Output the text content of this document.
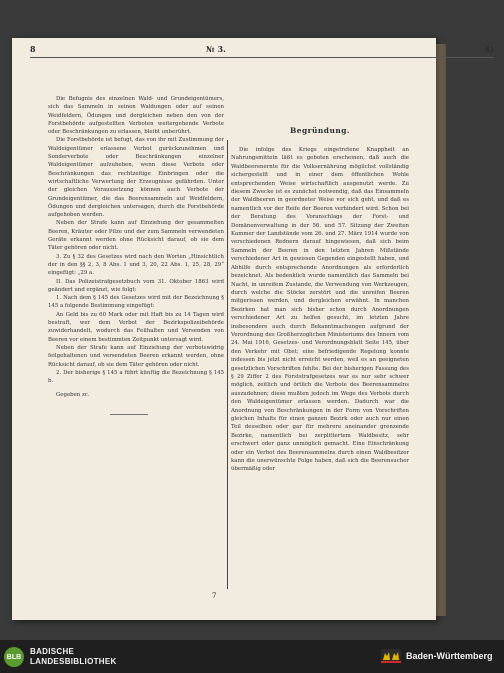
8	№ 3.	4)

Die Befugnis des einzelnen Wald- und Grundeigentümers, sich das Sammeln in seinen Waldungen oder auf seinen Weidfeldern, Ödungen und dergleichen neben den von der Forstbehörde aufgestellten Verboten weitergehende Verbote oder Beschränkungen zu erlassen, bleibt unberührt.

Die Forstbehörde ist befugt, das von ihr mit Zustimmung der Waldeigentümer erlassene Verbot gurückzunehmen und Sonderverbote oder Beschränkungen einzelner Waldeigentümer aufzuheben, wenn diese Verbote oder Beschränkungen das rechtzeitige Einbringen oder die wirtschaftliche Verwertung der Erzeugnisse gefährden. Unter der gleichen Voraussetzung können auch Verbote der Grundeigentümer, die das Beerensammeln auf Weidfeldern, Ödungen und dergleichen untersagen, durch die Forstbehörde aufgehoben werden.

Neben der Strafe kann auf Einziehung der gesammelten Beeren, Kräuter oder Pilze und der zum Sammeln verwendeten Geräte erkannt werden ohne Rücksicht darauf, ob sie dem Täter gehören oder nicht.

3. Zu § 32 des Gesetzes wird nach den Worten „Hinsichtlich der in den §§ 2, 3, 8 Abs. 1 und 3, 20, 22 Abs. 1, 25, 28, 29“ eingefügt: „29 a.

II. Das Polizeistrafgesetzbuch vom 31. Oktober 1863 wird geändert und ergänzt, wie folgt:

1. Nach dem § 145 des Gesetzes wird mit der Bezeichnung § 145 a folgende Bestimmung eingefügt:

An Geld bis zu 60 Mark oder mit Haft bis zu 14 Tagen wird bestraft, wer dem Verbot der Bezirkspolizeibehörde zuwiderhandelt, wodurch das Feilhalten und Versenden von Beeren vor einem bestimmten Zeitpunkt untersagt wird.

Neben der Strafe kann auf Einziehung der verbotswidrig feilgehaltenen und versendeten Beeren erkannt werden, ohne Rücksicht darauf, ob sie dem Täter gehören oder nicht.

2. Der bisherige § 145 a führt künftig die Bezeichnung § 145 b.

Gegeben zc.

Begründung.

Die infolge des Kriegs eingetretene Knappheit an Nahrungsmitteln läßt es geboten erscheinen, daß auch die Waldbeerenernte für die Volksernährung möglichst vollständig sichergestellt und in einer dem öffentlichen Wohle entsprechenden Weise wirtschaftlich ausgenutzt werde. Zu diesem Zwecke ist es zunächst notwendig, daß das Einsammeln der Waldbeeren in geordneter Weise vor sich geht, und daß es namentlich vor der Reife der Beeren verhindert wird. Schon bei der Beratung des Voranschlags der Forst- und Domänenverwaltung in der 56. und 57. Sitzung der Zweiten Kammer der Landstände vom 26. und 27. März 1914 wurde von verschiedenen Rednern darauf hingewiesen, daß sich beim Sammeln der Beeren in den letzten Jahren Mißstände verschiedener Art in gewissen Gegenden eingestellt haben, und Abhilfe durch entsprechende Anordnungen als erforderlich bezeichnet. Als bedenklich wurde namentlich das Sammeln bei Nacht, in unreifem Zustande, die Verwendung von Werkzeugen, durch welche die Stöcke zerstört und die unreifen Beeren mitgerissen werden, und dergleichen erwähnt. In manchen Bezirken hat man sich bisher schon durch Anordnungen verschiedener Art zu helfen gesucht, im letzten Jahre insbesondere auch durch Bekanntmachungen aufgrund der Verordnung des Großherzoglichen Ministeriums des Innern vom 24. Mai 1916, Gesetzes- und Verordnungsblatt Seite 145, über den Verkehr mit Obst; eine befriedigende Regelung konnte indessen bis jetzt nicht erreicht werden, weil es an geeigneten gesetzlichen Vorschriften fehlte. Bei der bisherigen Fassung des § 29 Ziffer 2 des Forststrafgesetzes war es nur sehr schwer möglich, zeitlich und örtlich die Verbote des Beerensammelns auszudehnen; diese mußten jedoch im Wege des Verbots durch den Waldeigentümer erlassen werden. Dadurch war die Anordnung von Beschränkungen in der Form von Vorschriften gleichen Inhalts für einen ganzen Bezirk oder auch nur einen Teil desselben oder gar für mehrere aneinander grenzende Bezirke, namentlich bei zerplittertem Waldbesitz, sehr erschwert oder ganz unmöglich gemacht. Eine Einschränkung oder ein Verbot des Beerensammelns durch einen Waldbesitzer kann die unerwünschte Folge haben, daß sich die Beerensucher übermäßig oder

7
BLB
BADISCHE
LANDESBIBLIOTHEK
Baden-Württemberg
